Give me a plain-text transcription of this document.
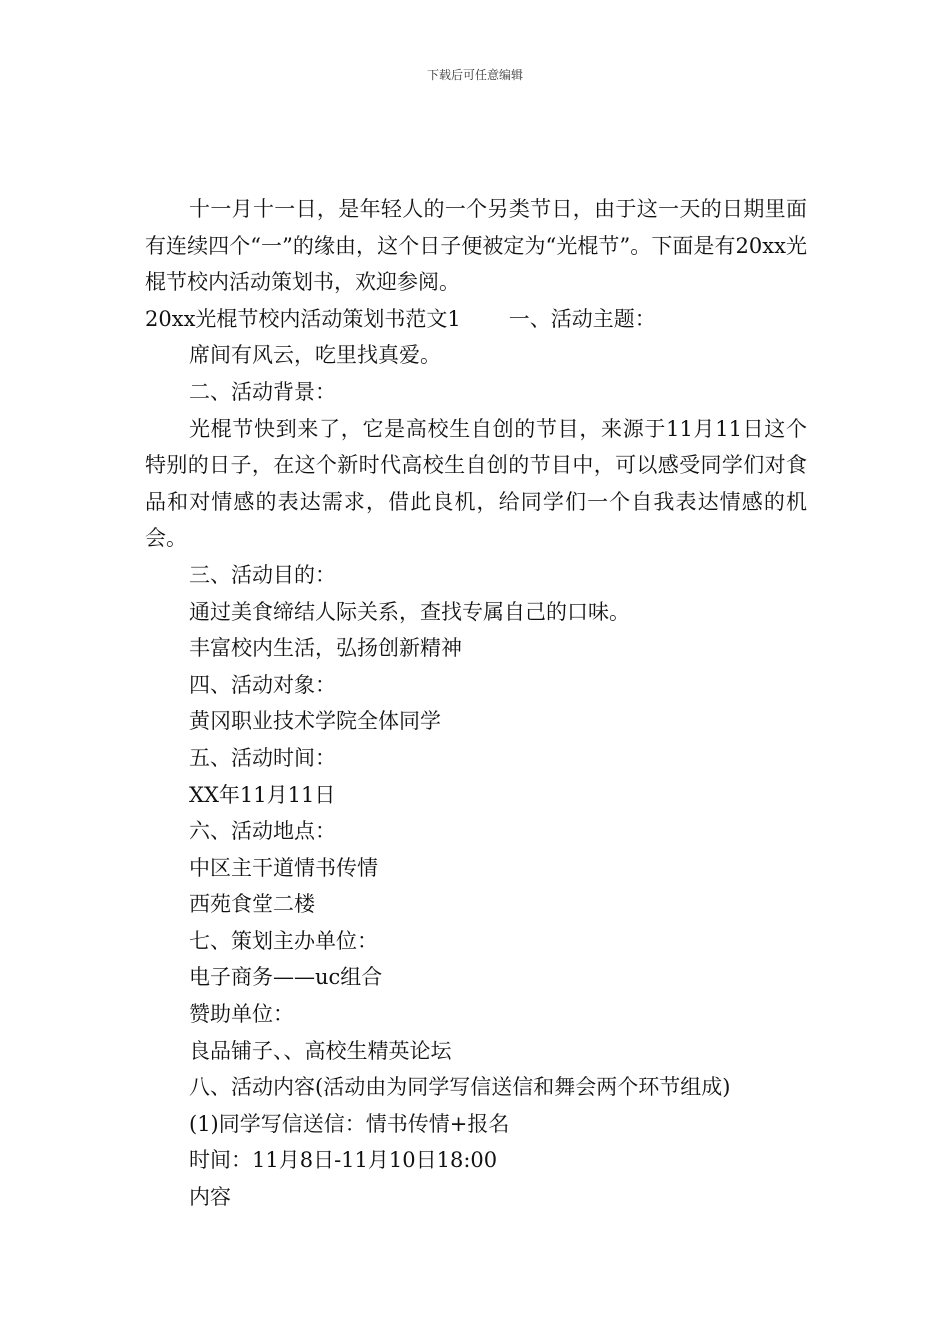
下载后可任意编辑

十一月十一日，是年轻人的一个另类节日，由于这一天的日期里面有连续四个“一”的缘由，这个日子便被定为“光棍节”。下面是有20xx光棍节校内活动策划书，欢迎参阅。

20xx光棍节校内活动策划书范文1 一、活动主题：

席间有风云，吃里找真爱。

二、活动背景：

光棍节快到来了，它是高校生自创的节目，来源于11月11日这个特别的日子，在这个新时代高校生自创的节目中，可以感受同学们对食品和对情感的表达需求，借此良机，给同学们一个自我表达情感的机会。

三、活动目的：

通过美食缔结人际关系，查找专属自己的口味。

丰富校内生活，弘扬创新精神

四、活动对象：

黄冈职业技术学院全体同学

五、活动时间：

XX年11月11日

六、活动地点：

中区主干道情书传情

西苑食堂二楼

七、策划主办单位：

电子商务——uc组合

赞助单位：

良品铺子、、高校生精英论坛

八、活动内容(活动由为同学写信送信和舞会两个环节组成)

(1)同学写信送信：情书传情+报名

时间：11月8日-11月10日18:00

内容
